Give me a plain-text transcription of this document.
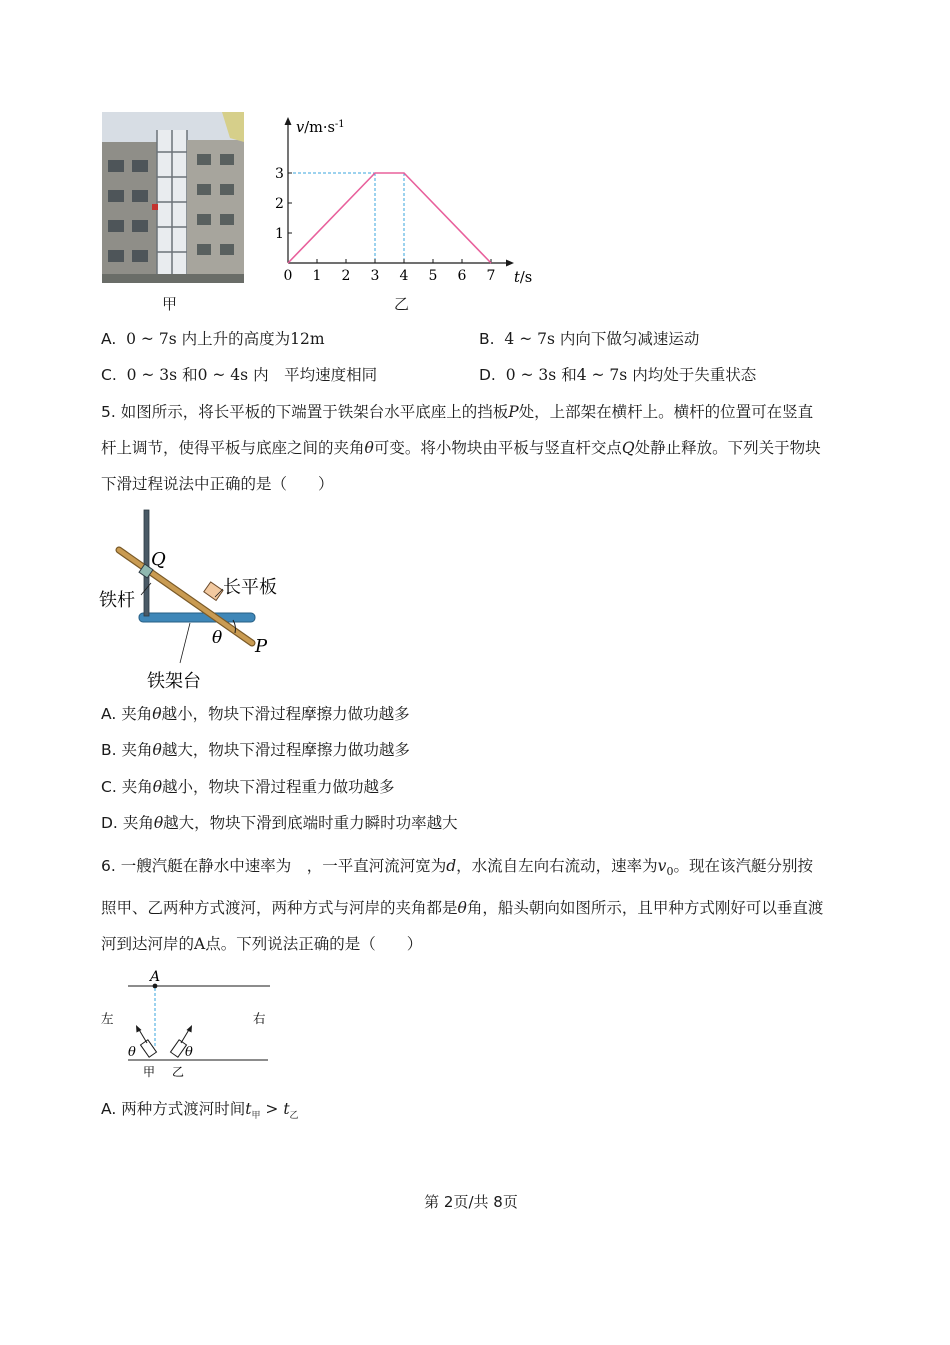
甲
$v/m\cdot s^{-1}$
t/s
0 1 2 3 4 5 6 7
1
2
3
乙
A. 0 ~ 7s 内上升的高度为12m	B. 4 ~ 7s 内向下做匀减速运动
C. 0 ~ 3s 和0 ~ 4s 内　平均速度相同	D. 0 ~ 3s 和4 ~ 7s 内均处于失重状态
5. 如图所示，将长平板的下端置于铁架台水平底座上的挡板P处，上部架在横杆上。横杆的位置可在竖直
杆上调节，使得平板与底座之间的夹角θ可变。将小物块由平板与竖直杆交点Q处静止释放。下列关于物块
下滑过程说法中正确的是（　　）
Q
铁杆
长平板
θ P
铁架台
A. 夹角θ越小，物块下滑过程摩擦力做功越多
B. 夹角θ越大，物块下滑过程摩擦力做功越多
C. 夹角θ越小，物块下滑过程重力做功越多
D. 夹角θ越大，物块下滑到底端时重力瞬时功率越大
6. 一艘汽艇在静水中速率为　，一平直河流河宽为d，水流自左向右流动，速率为$v_0$。现在该汽艇分别按
照甲、乙两种方式渡河，两种方式与河岸的夹角都是θ角，船头朝向如图所示，且甲种方式刚好可以垂直渡
河到达河岸的A点。下列说法正确的是（　　）
A
左	右
θ	θ
甲 乙
A. 两种方式渡河时间$t_甲 > t_乙$
第 2页/共 8页
